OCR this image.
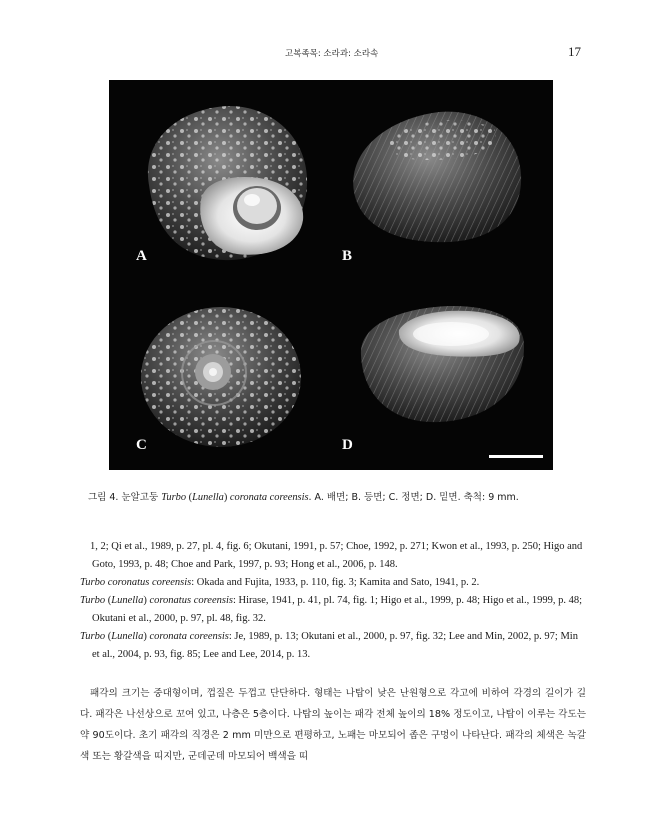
고복족목: 소라과: 소라속	17
A	B
C	D
그림 4. 눈알고둥 Turbo (Lunella) coronata coreensis. A. 배면; B. 등면; C. 정면; D. 밑면. 축척: 9 mm.

1, 2; Qi et al., 1989, p. 27, pl. 4, fig. 6; Okutani, 1991, p. 57; Choe, 1992, p. 271; Kwon et al., 1993, p. 250; Higo and Goto, 1993, p. 48; Choe and Park, 1997, p. 93; Hong et al., 2006, p. 148.

Turbo coronatus coreensis: Okada and Fujita, 1933, p. 110, fig. 3; Kamita and Sato, 1941, p. 2.

Turbo (Lunella) coronatus coreensis: Hirase, 1941, p. 41, pl. 74, fig. 1; Higo et al., 1999, p. 48; Higo et al., 1999, p. 48; Okutani et al., 2000, p. 97, pl. 48, fig. 32.

Turbo (Lunella) coronata coreensis: Je, 1989, p. 13; Okutani et al., 2000, p. 97, fig. 32; Lee and Min, 2002, p. 97; Min et al., 2004, p. 93, fig. 85; Lee and Lee, 2014, p. 13.

패각의 크기는 중대형이며, 껍질은 두껍고 단단하다. 형태는 나탑이 낮은 난원형으로 각고에 비하여 각경의 길이가 길다. 패각은 나선상으로 꼬여 있고, 나층은 5층이다. 나탑의 높이는 패각 전체 높이의 18% 정도이고, 나탑이 이루는 각도는 약 90도이다. 초기 패각의 직경은 2 mm 미만으로 편평하고, 노패는 마모되어 좁은 구멍이 나타난다. 패각의 체색은 녹갈색 또는 황갈색을 띠지만, 군데군데 마모되어 백색을 띠
